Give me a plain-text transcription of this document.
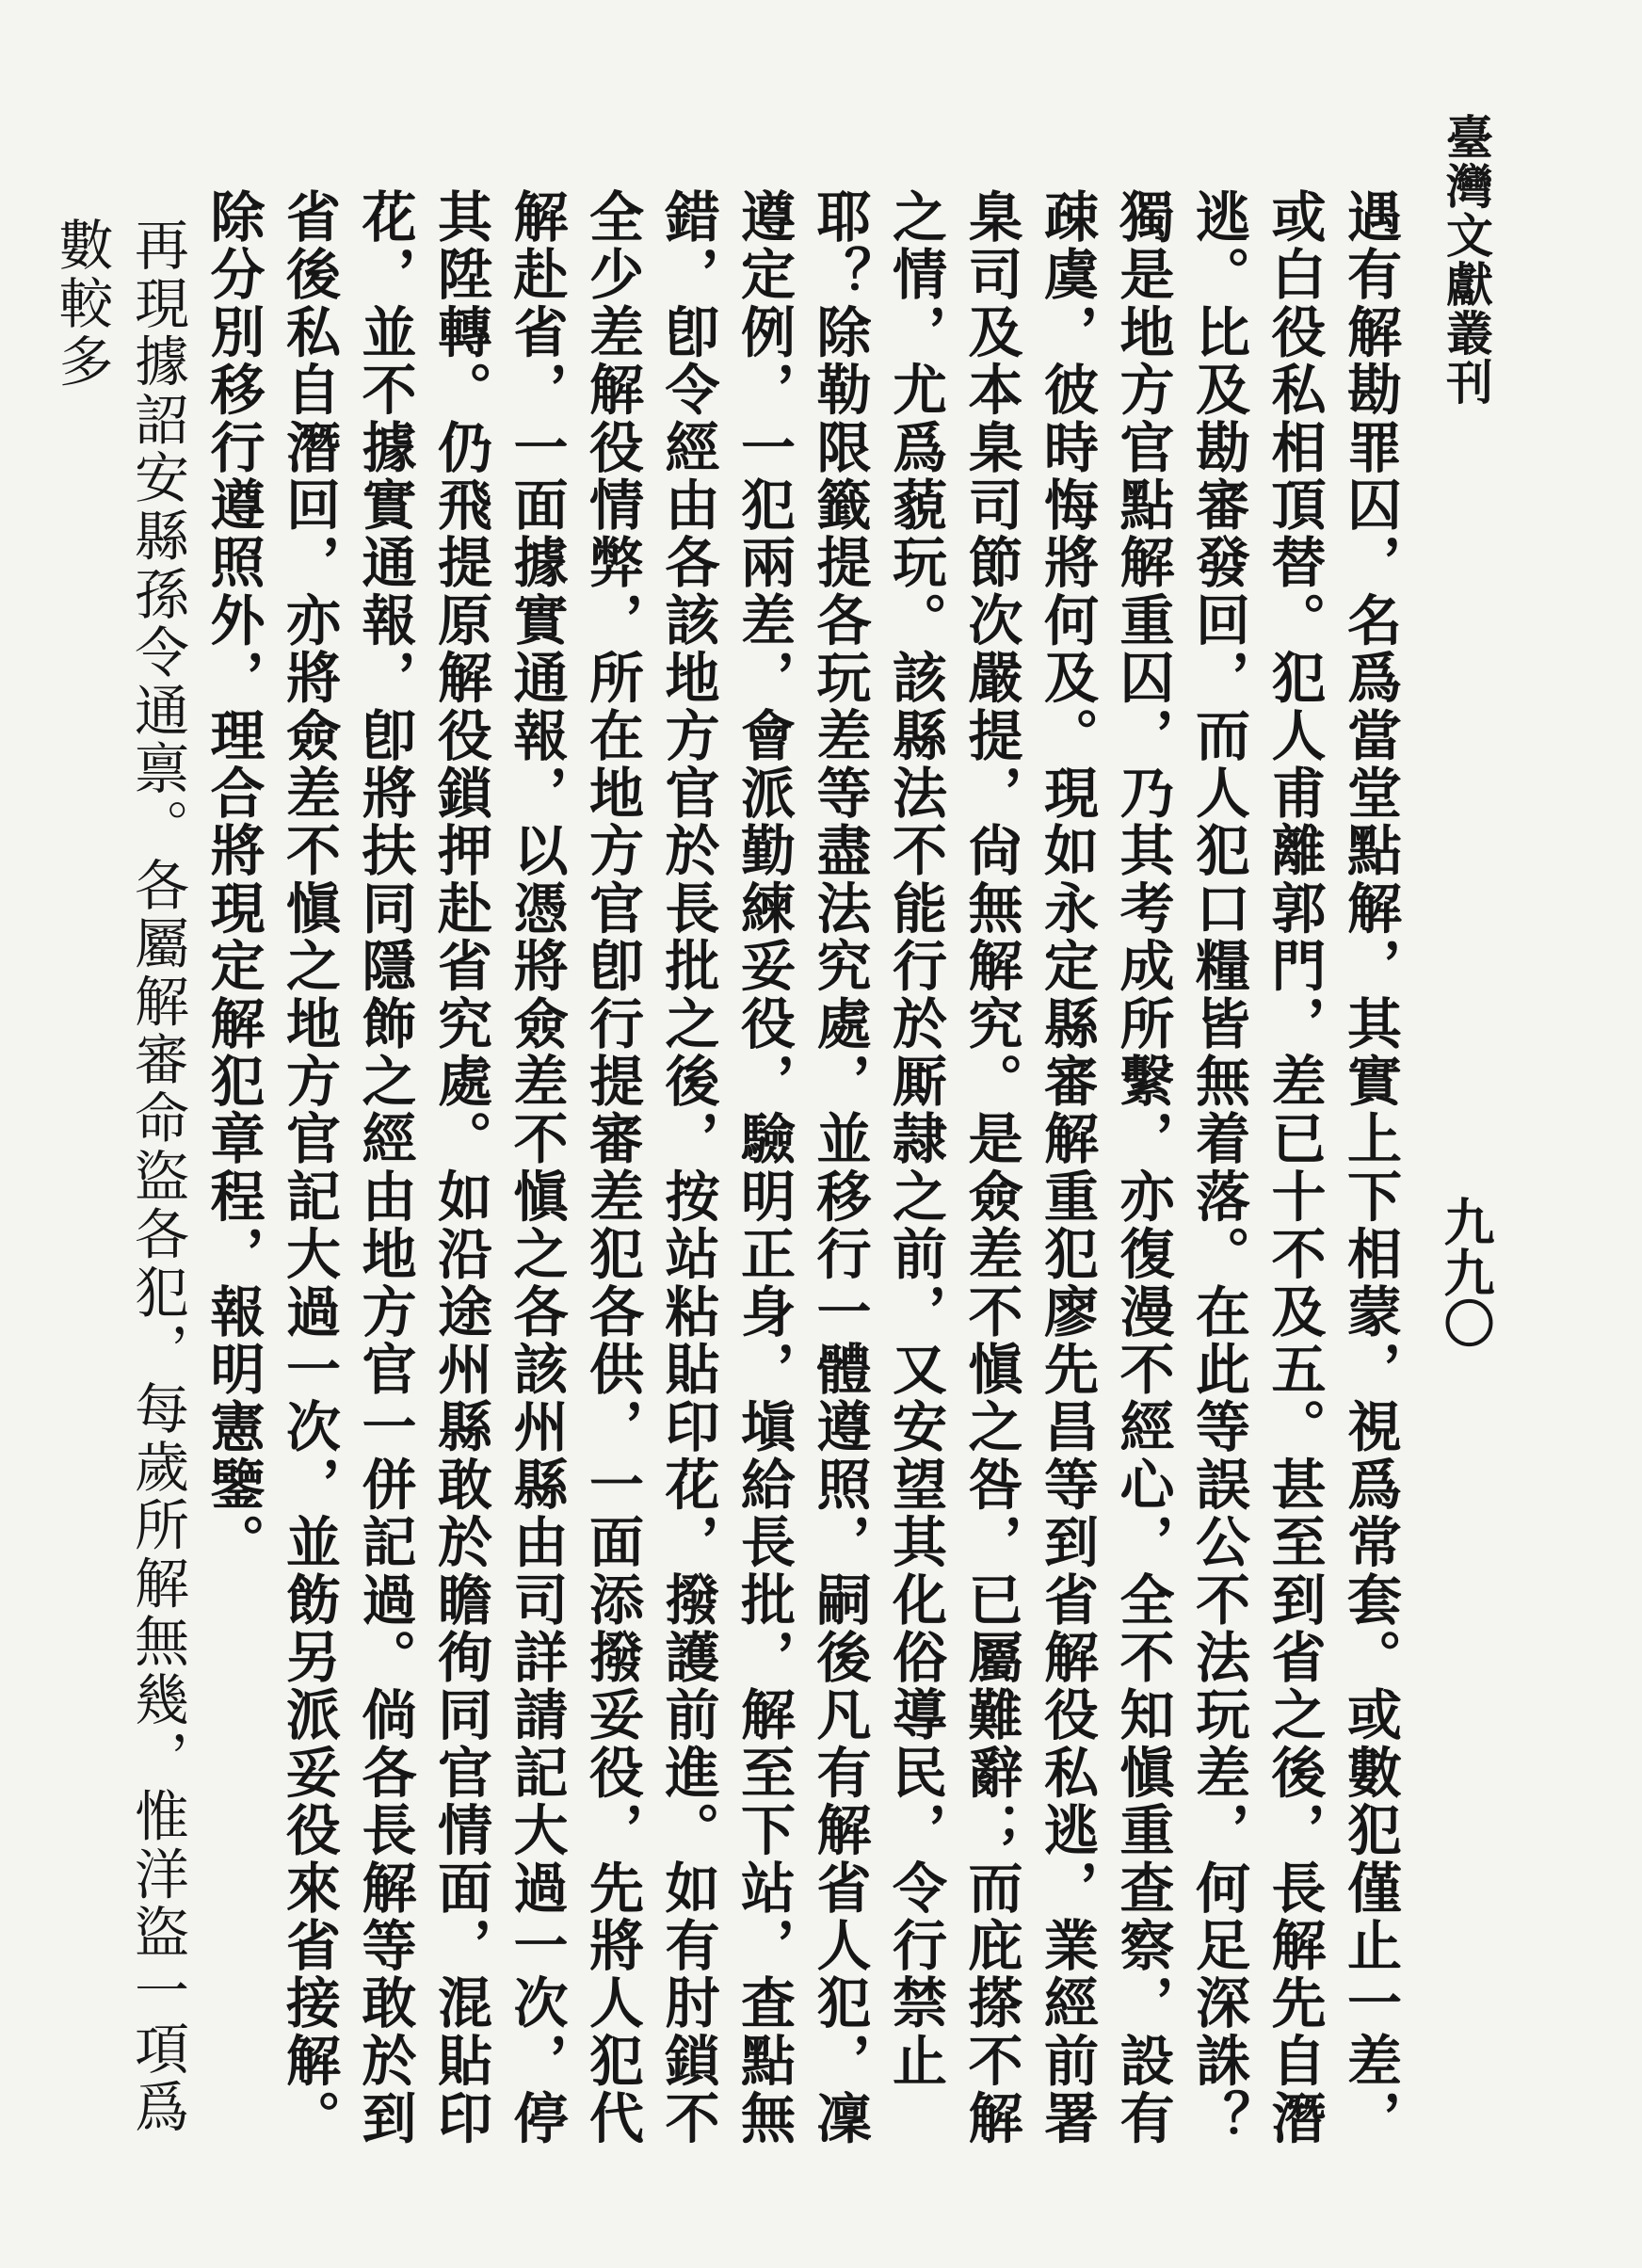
臺灣文獻叢刊
九九〇

遇有解勘罪囚，名爲當堂點解，其實上下相蒙，視爲常套。或數犯僅止一差，或白役私相頂替。犯人甫離郭門，差已十不及五。甚至到省之後，長解先自潛逃。比及勘審發回，而人犯口糧皆無着落。在此等誤公不法玩差，何足深誅？獨是地方官點解重囚，乃其考成所繫，亦復漫不經心，全不知愼重查察，設有疎虞，彼時悔將何及。現如永定縣審解重犯廖先昌等到省解役私逃，業經前署臬司及本臬司節次嚴提，尙無解究。是僉差不愼之咎，已屬難辭；而庇搽不解之情，尤爲藐玩。該縣法不能行於厮隷之前，又安望其化俗導民，令行禁止耶？除勒限籤提各玩差等盡法究處，並移行一體遵照，嗣後凡有解省人犯，凜遵定例，一犯兩差，會派勤練妥役，驗明正身，塡給長批，解至下站，査點無錯，卽令經由各該地方官於長批之後，按站粘貼印花，撥護前進。如有肘鎖不全少差解役情弊，所在地方官卽行提審差犯各供，一面添撥妥役，先將人犯代解赴省，一面據實通報，以憑將僉差不愼之各該州縣由司詳請記大過一次，停其陞轉。仍飛提原解役鎖押赴省究處。如沿途州縣敢於瞻徇同官情面，混貼印花，並不據實通報，卽將扶同隱飾之經由地方官一併記過。倘各長解等敢於到省後私自潛回，亦將僉差不愼之地方官記大過一次，並飭另派妥役來省接解。除分別移行遵照外，理合將現定解犯章程，報明憲鑒。

再現據詔安縣孫令通禀。各屬解審命盜各犯，每歲所解無幾，惟洋盜一項爲數較多
